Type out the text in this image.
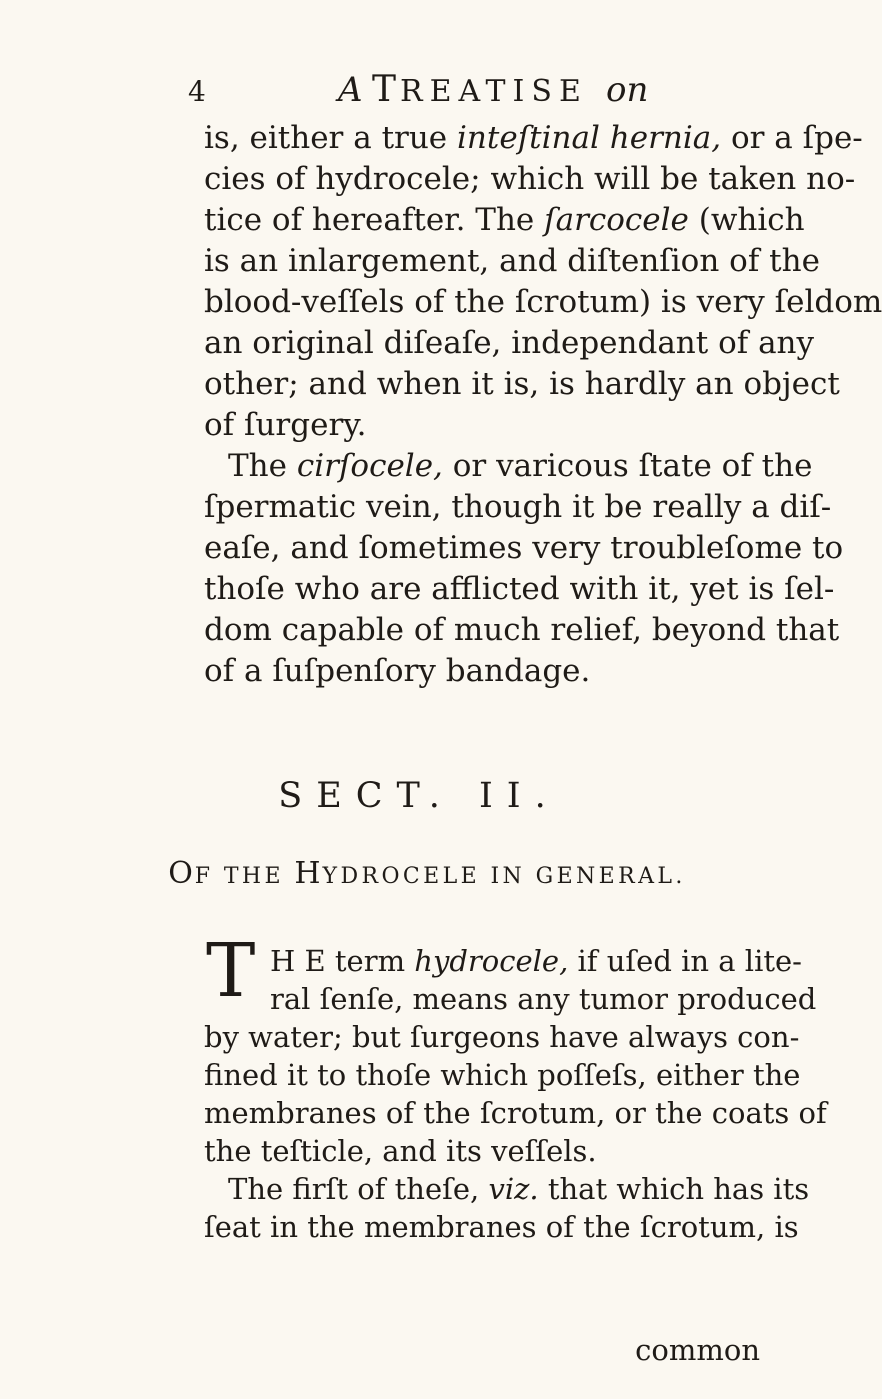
4	A TREATISE on
is, either a true inteſtinal hernia, or a ſpe-
cies of hydrocele; which will be taken no-
tice of hereafter. The ſarcocele (which
is an inlargement, and diſtenſion of the
blood-veſſels of the ſcrotum) is very ſeldom
an original diſeaſe, independant of any
other; and when it is, is hardly an object
of ſurgery.
The cirſocele, or varicous ſtate of the
ſpermatic vein, though it be really a diſ-
eaſe, and ſometimes very troubleſome to
thoſe who are afflicted with it, yet is ſel-
dom capable of much relief, beyond that
of a ſuſpenſory bandage.
SECT. II.
OF THE HYDROCELE IN GENERAL.
T H E term hydrocele, if uſed in a lite-
ral ſenſe, means any tumor produced
by water; but ſurgeons have always con-
fined it to thoſe which poſſeſs, either the
membranes of the ſcrotum, or the coats of
the teſticle, and its veſſels.
The firſt of theſe, viz. that which has its
ſeat in the membranes of the ſcrotum, is
common
